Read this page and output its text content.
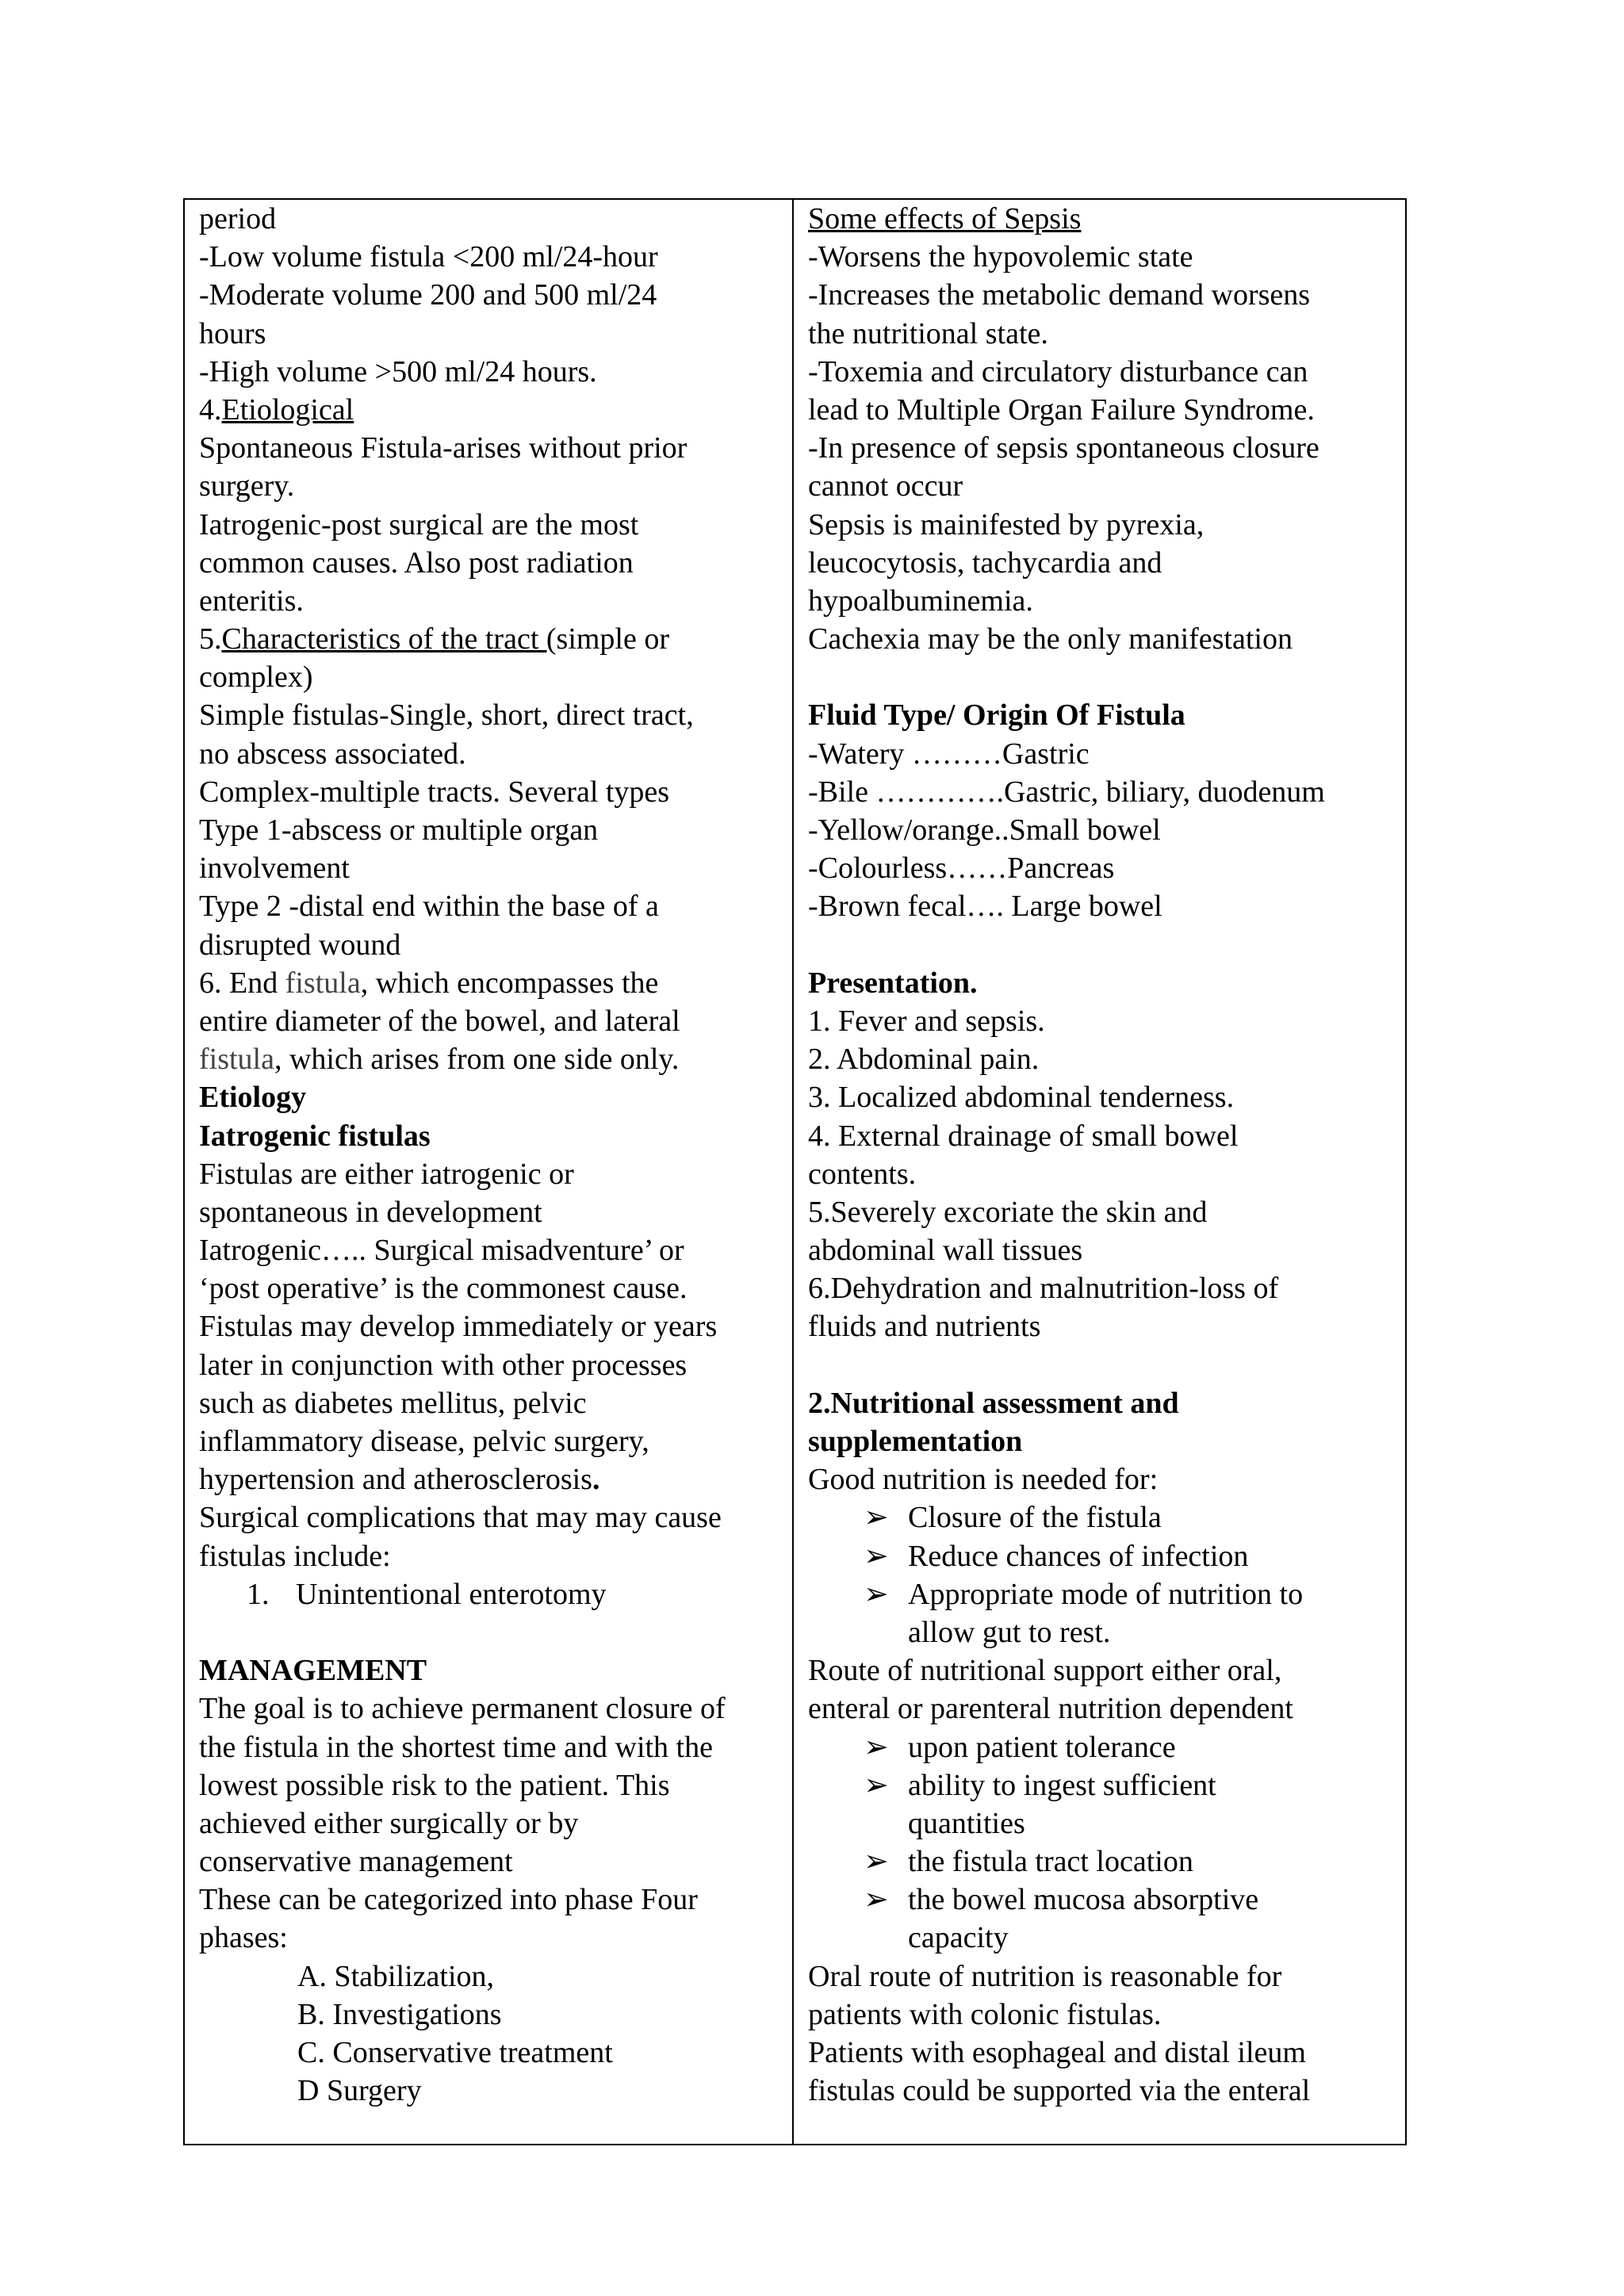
period
-Low volume fistula <200 ml/24-hour
-Moderate volume 200 and 500 ml/24
hours
-High volume >500 ml/24 hours.
4.Etiological
Spontaneous Fistula-arises without prior
surgery.
Iatrogenic-post surgical are the most
common causes. Also post radiation
enteritis.
5.Characteristics of the tract (simple or
complex)
Simple fistulas-Single, short, direct tract,
no abscess associated.
Complex-multiple tracts. Several types
Type 1-abscess or multiple organ
involvement
Type 2 -distal end within the base of a
disrupted wound
6. End fistula, which encompasses the
entire diameter of the bowel, and lateral
fistula, which arises from one side only.
Etiology
Iatrogenic fistulas
Fistulas are either iatrogenic or
spontaneous in development
Iatrogenic….. Surgical misadventure’ or
‘post operative’ is the commonest cause.
Fistulas may develop immediately or years
later in conjunction with other processes
such as diabetes mellitus, pelvic
inflammatory disease, pelvic surgery,
hypertension and atherosclerosis.
Surgical complications that may may cause
fistulas include:
1. Unintentional enterotomy
MANAGEMENT
The goal is to achieve permanent closure of
the fistula in the shortest time and with the
lowest possible risk to the patient. This
achieved either surgically or by
conservative management
These can be categorized into phase Four
phases:
A. Stabilization,
B. Investigations
C. Conservative treatment
D Surgery
Some effects of Sepsis
-Worsens the hypovolemic state
-Increases the metabolic demand worsens
the nutritional state.
-Toxemia and circulatory disturbance can
lead to Multiple Organ Failure Syndrome.
-In presence of sepsis spontaneous closure
cannot occur
Sepsis is mainifested by pyrexia,
leucocytosis, tachycardia and
hypoalbuminemia.
Cachexia may be the only manifestation
Fluid Type/ Origin Of Fistula
-Watery ………Gastric
-Bile ………….Gastric, biliary, duodenum
-Yellow/orange..Small bowel
-Colourless……Pancreas
-Brown fecal…. Large bowel
Presentation.
1. Fever and sepsis.
2. Abdominal pain.
3. Localized abdominal tenderness.
4. External drainage of small bowel
contents.
5.Severely excoriate the skin and
abdominal wall tissues
6.Dehydration and malnutrition-loss of
fluids and nutrients
2.Nutritional assessment and
supplementation
Good nutrition is needed for:
➢ Closure of the fistula
➢ Reduce chances of infection
➢ Appropriate mode of nutrition to
allow gut to rest.
Route of nutritional support either oral,
enteral or parenteral nutrition dependent
➢ upon patient tolerance
➢ ability to ingest sufficient
quantities
➢ the fistula tract location
➢ the bowel mucosa absorptive
capacity
Oral route of nutrition is reasonable for
patients with colonic fistulas.
Patients with esophageal and distal ileum
fistulas could be supported via the enteral
